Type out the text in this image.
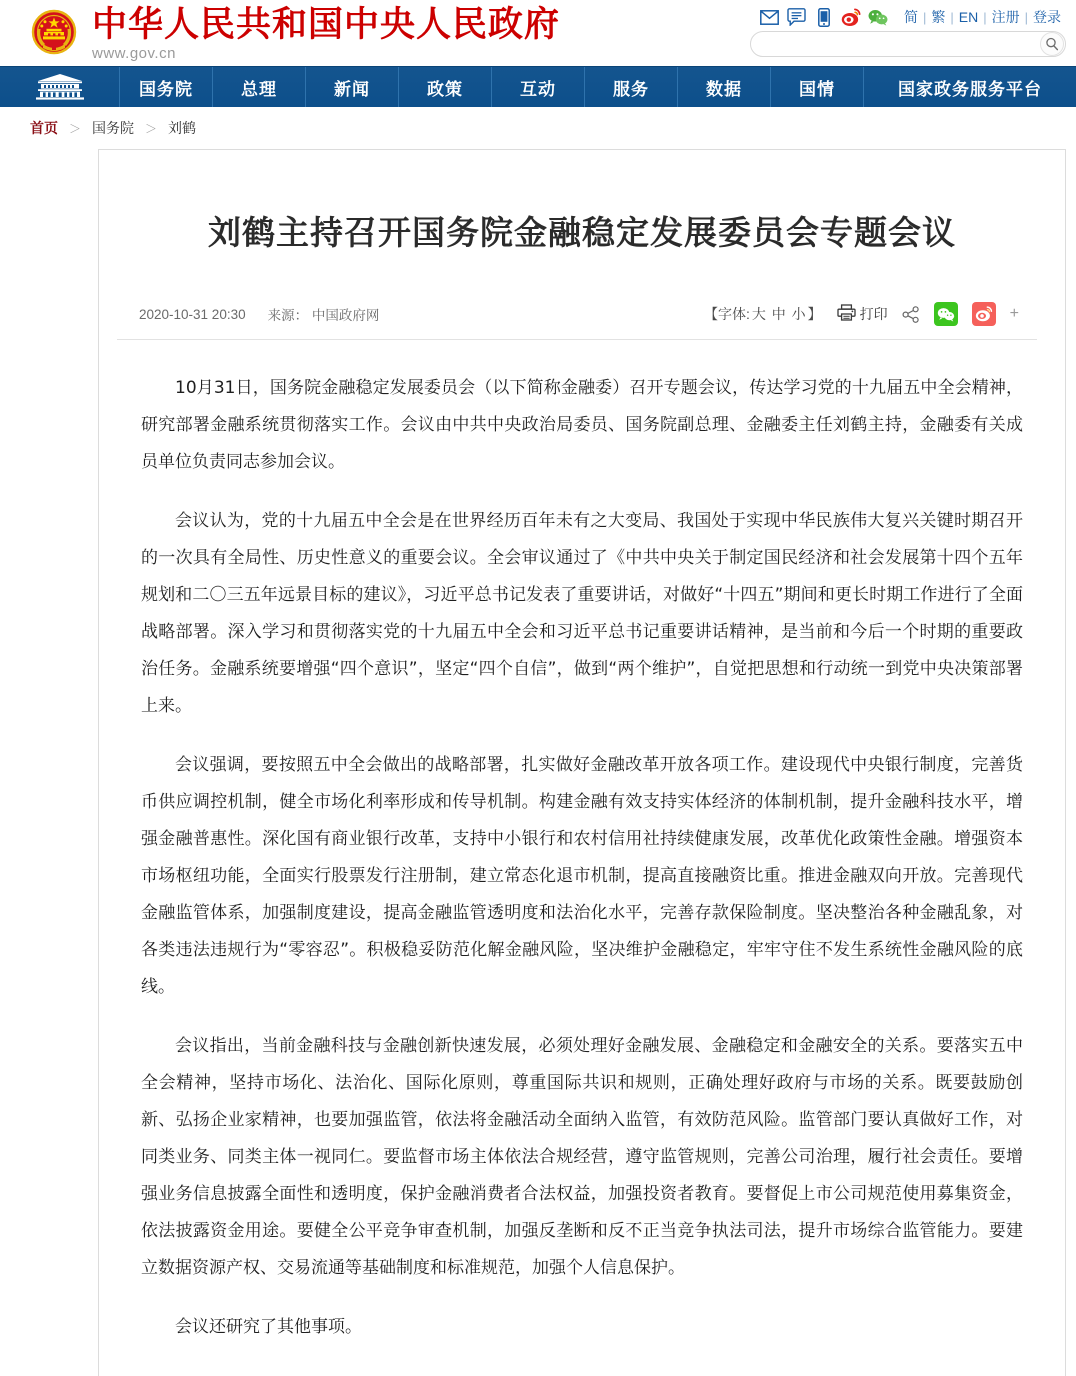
中华人民共和国中央人民政府
www.gov.cn
简 | 繁 | EN | 注册 | 登录
国务院	总理	新闻	政策	互动	服务	数据	国情	国家政务服务平台
首页 ＞ 国务院 ＞ 刘鹤
刘鹤主持召开国务院金融稳定发展委员会专题会议
2020-10-31 20:30 来源： 中国政府网	【字体: 大 中 小 】	打印	+

10月31日，国务院金融稳定发展委员会（以下简称金融委）召开专题会议，传达学习党的十九届五中全会精神，研究部署金融系统贯彻落实工作。会议由中共中央政治局委员、国务院副总理、金融委主任刘鹤主持，金融委有关成员单位负责同志参加会议。

会议认为，党的十九届五中全会是在世界经历百年未有之大变局、我国处于实现中华民族伟大复兴关键时期召开的一次具有全局性、历史性意义的重要会议。全会审议通过了《中共中央关于制定国民经济和社会发展第十四个五年规划和二〇三五年远景目标的建议》，习近平总书记发表了重要讲话，对做好“十四五”期间和更长时期工作进行了全面战略部署。深入学习和贯彻落实党的十九届五中全会和习近平总书记重要讲话精神，是当前和今后一个时期的重要政治任务。金融系统要增强“四个意识”，坚定“四个自信”，做到“两个维护”，自觉把思想和行动统一到党中央决策部署上来。

会议强调，要按照五中全会做出的战略部署，扎实做好金融改革开放各项工作。建设现代中央银行制度，完善货币供应调控机制，健全市场化利率形成和传导机制。构建金融有效支持实体经济的体制机制，提升金融科技水平，增强金融普惠性。深化国有商业银行改革，支持中小银行和农村信用社持续健康发展，改革优化政策性金融。增强资本市场枢纽功能，全面实行股票发行注册制，建立常态化退市机制，提高直接融资比重。推进金融双向开放。完善现代金融监管体系，加强制度建设，提高金融监管透明度和法治化水平，完善存款保险制度。坚决整治各种金融乱象，对各类违法违规行为“零容忍”。积极稳妥防范化解金融风险，坚决维护金融稳定，牢牢守住不发生系统性金融风险的底线。

会议指出，当前金融科技与金融创新快速发展，必须处理好金融发展、金融稳定和金融安全的关系。要落实五中全会精神，坚持市场化、法治化、国际化原则，尊重国际共识和规则，正确处理好政府与市场的关系。既要鼓励创新、弘扬企业家精神，也要加强监管，依法将金融活动全面纳入监管，有效防范风险。监管部门要认真做好工作，对同类业务、同类主体一视同仁。要监督市场主体依法合规经营，遵守监管规则，完善公司治理，履行社会责任。要增强业务信息披露全面性和透明度，保护金融消费者合法权益，加强投资者教育。要督促上市公司规范使用募集资金，依法披露资金用途。要健全公平竞争审查机制，加强反垄断和反不正当竞争执法司法，提升市场综合监管能力。要建立数据资源产权、交易流通等基础制度和标准规范，加强个人信息保护。

会议还研究了其他事项。
